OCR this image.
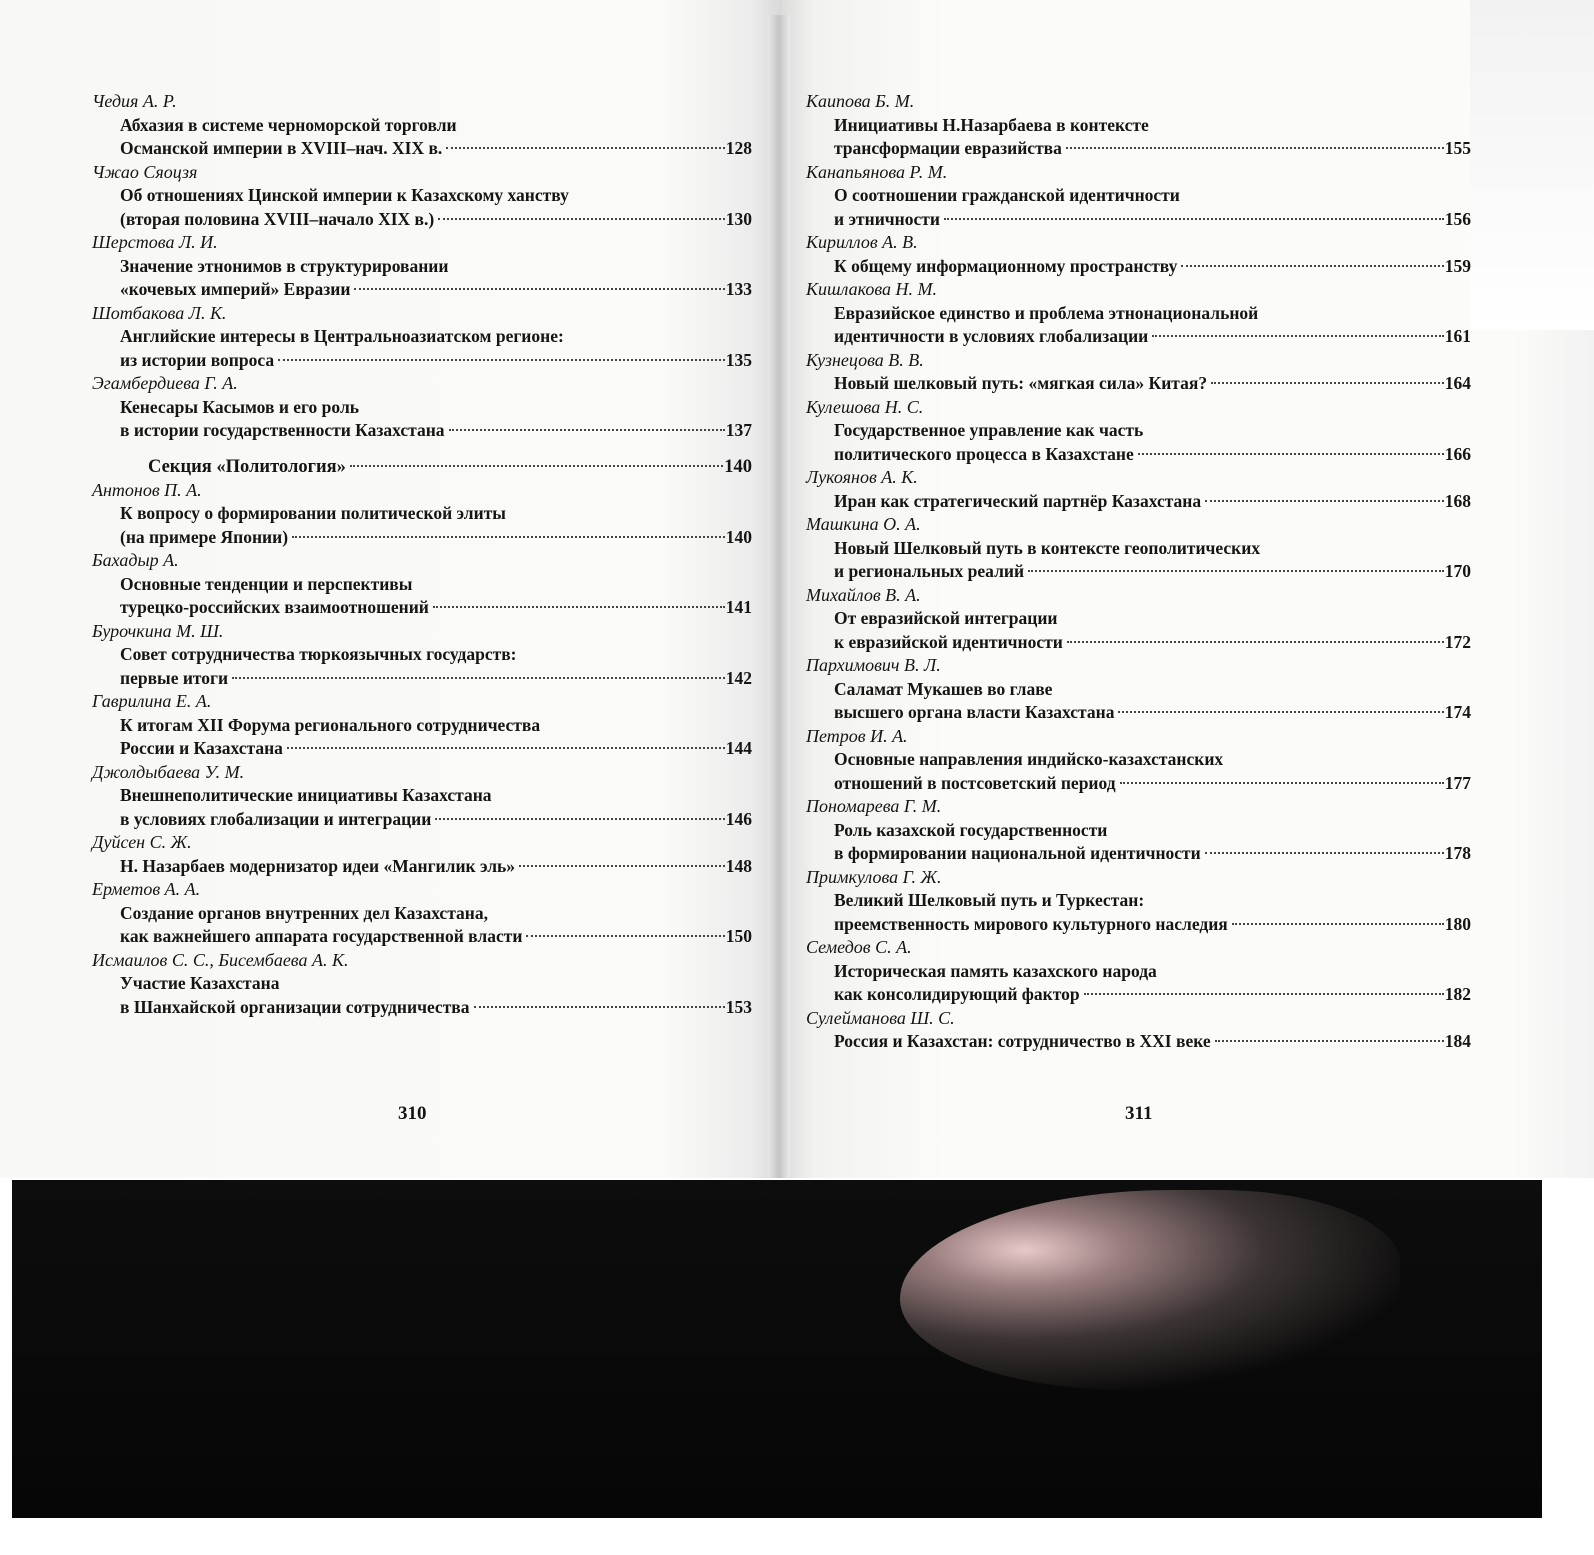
Чедия А. Р.
Абхазия в системе черноморской торговли
Османской империи в XVIII–нач. XIX в.	128
Чжао Сяоцзя
Об отношениях Цинской империи к Казахскому ханству
(вторая половина XVIII–начало XIX в.)	130
Шерстова Л. И.
Значение этнонимов в структурировании
«кочевых империй» Евразии	133
Шотбакова Л. К.
Английские интересы в Центральноазиатском регионе:
из истории вопроса	135
Эгамбердиева Г. А.
Кенесары Касымов и его роль
в истории государственности Казахстана	137
Секция «Политология»	140
Антонов П. А.
К вопросу о формировании политической элиты
(на примере Японии)	140
Бахадыр А.
Основные тенденции и перспективы
турецко-российских взаимоотношений	141
Бурочкина М. Ш.
Совет сотрудничества тюркоязычных государств:
первые итоги	142
Гаврилина Е. А.
К итогам XII Форума регионального сотрудничества
России и Казахстана	144
Джолдыбаева У. М.
Внешнеполитические инициативы Казахстана
в условиях глобализации и интеграции	146
Дуйсен С. Ж.
Н. Назарбаев модернизатор идеи «Мангилик эль»	148
Ерметов А. А.
Создание органов внутренних дел Казахстана,
как важнейшего аппарата государственной власти	150
Исмаилов С. С., Бисембаева А. К.
Участие Казахстана
в Шанхайской организации сотрудничества	153
Каипова Б. М.
Инициативы Н.Назарбаева в контексте
трансформации евразийства	155
Канапьянова Р. М.
О соотношении гражданской идентичности
и этничности	156
Кириллов А. В.
К общему информационному пространству	159
Кишлакова Н. М.
Евразийское единство и проблема этнонациональной
идентичности в условиях глобализации	161
Кузнецова В. В.
Новый шелковый путь: «мягкая сила» Китая?	164
Кулешова Н. С.
Государственное управление как часть
политического процесса в Казахстане	166
Лукоянов А. К.
Иран как стратегический партнёр Казахстана	168
Машкина О. А.
Новый Шелковый путь в контексте геополитических
и региональных реалий	170
Михайлов В. А.
От евразийской интеграции
к евразийской идентичности	172
Пархимович В. Л.
Саламат Мукашев во главе
высшего органа власти Казахстана	174
Петров И. А.
Основные направления индийско-казахстанских
отношений в постсоветский период	177
Пономарева Г. М.
Роль казахской государственности
в формировании национальной идентичности	178
Примкулова Г. Ж.
Великий Шелковый путь и Туркестан:
преемственность мирового культурного наследия	180
Семедов С. А.
Историческая память казахского народа
как консолидирующий фактор	182
Сулейманова Ш. С.
Россия и Казахстан: сотрудничество в XXI веке	184
310	311
